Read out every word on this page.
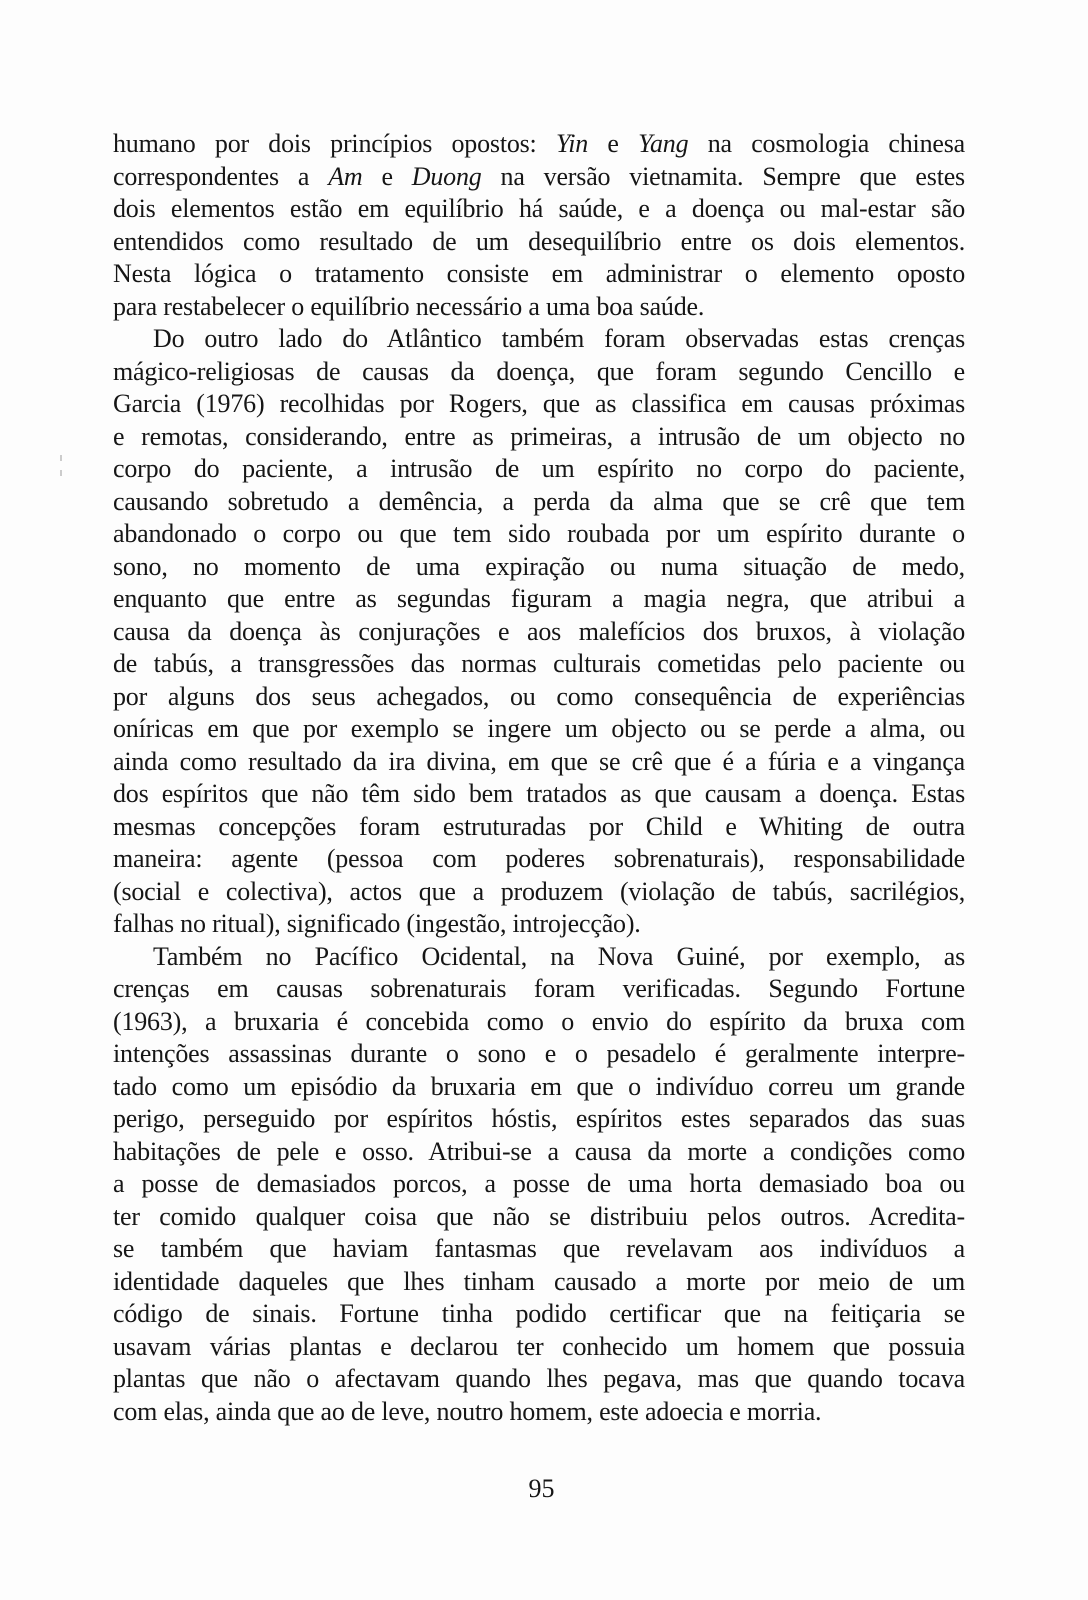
humano por dois princípios opostos: Yin e Yang na cosmologia chinesa
correspondentes a Am e Duong na versão vietnamita. Sempre que estes
dois elementos estão em equilíbrio há saúde, e a doença ou mal-estar são
entendidos como resultado de um desequilíbrio entre os dois elementos.
Nesta lógica o tratamento consiste em administrar o elemento oposto
para restabelecer o equilíbrio necessário a uma boa saúde.
Do outro lado do Atlântico também foram observadas estas crenças
mágico-religiosas de causas da doença, que foram segundo Cencillo e
Garcia (1976) recolhidas por Rogers, que as classifica em causas próximas
e remotas, considerando, entre as primeiras, a intrusão de um objecto no
corpo do paciente, a intrusão de um espírito no corpo do paciente,
causando sobretudo a demência, a perda da alma que se crê que tem
abandonado o corpo ou que tem sido roubada por um espírito durante o
sono, no momento de uma expiração ou numa situação de medo,
enquanto que entre as segundas figuram a magia negra, que atribui a
causa da doença às conjurações e aos malefícios dos bruxos, à violação
de tabús, a transgressões das normas culturais cometidas pelo paciente ou
por alguns dos seus achegados, ou como consequência de experiências
oníricas em que por exemplo se ingere um objecto ou se perde a alma, ou
ainda como resultado da ira divina, em que se crê que é a fúria e a vingança
dos espíritos que não têm sido bem tratados as que causam a doença. Estas
mesmas concepções foram estruturadas por Child e Whiting de outra
maneira: agente (pessoa com poderes sobrenaturais), responsabilidade
(social e colectiva), actos que a produzem (violação de tabús, sacrilégios,
falhas no ritual), significado (ingestão, introjecção).
Também no Pacífico Ocidental, na Nova Guiné, por exemplo, as
crenças em causas sobrenaturais foram verificadas. Segundo Fortune
(1963), a bruxaria é concebida como o envio do espírito da bruxa com
intenções assassinas durante o sono e o pesadelo é geralmente interpre-
tado como um episódio da bruxaria em que o indivíduo correu um grande
perigo, perseguido por espíritos hóstis, espíritos estes separados das suas
habitações de pele e osso. Atribui-se a causa da morte a condições como
a posse de demasiados porcos, a posse de uma horta demasiado boa ou
ter comido qualquer coisa que não se distribuiu pelos outros. Acredita-
se também que haviam fantasmas que revelavam aos indivíduos a
identidade daqueles que lhes tinham causado a morte por meio de um
código de sinais. Fortune tinha podido certificar que na feitiçaria se
usavam várias plantas e declarou ter conhecido um homem que possuia
plantas que não o afectavam quando lhes pegava, mas que quando tocava
com elas, ainda que ao de leve, noutro homem, este adoecia e morria.
95
